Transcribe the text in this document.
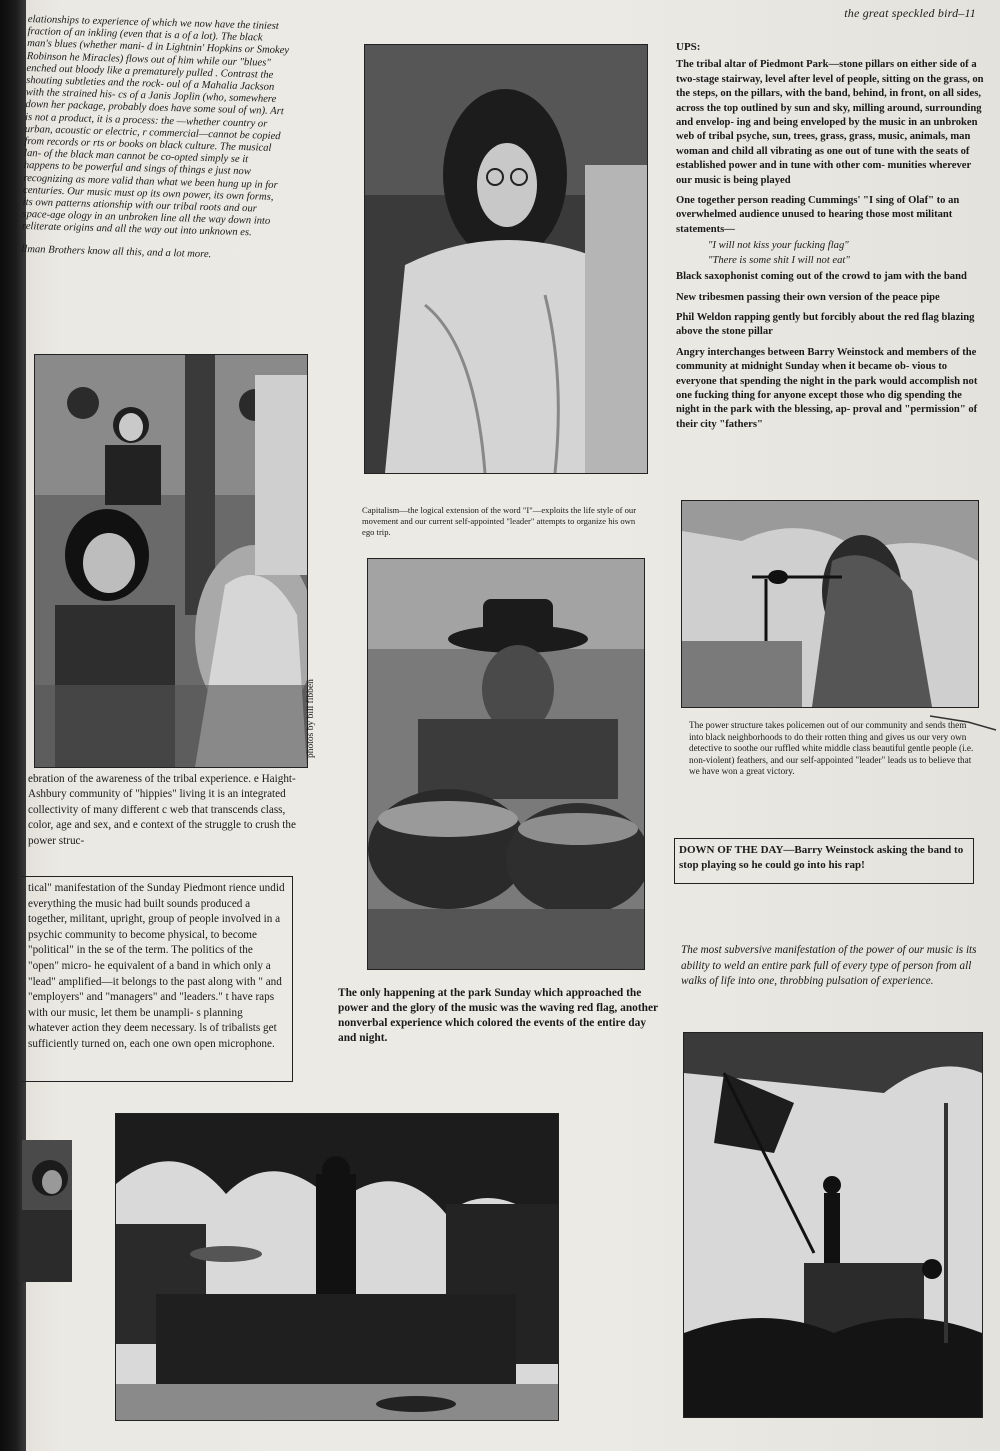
the great speckled bird–11

elationships to experience of which we now have the tiniest fraction of an inkling (even that is a of a lot). The black man's blues (whether mani- d in Lightnin' Hopkins or Smokey Robinson he Miracles) flows out of him while our "blues" enched out bloody like a prematurely pulled . Contrast the shouting subtleties and the rock- oul of a Mahalia Jackson with the strained his- cs of a Janis Joplin (who, somewhere down her package, probably does have some soul of wn). Art is not a product, it is a process: the —whether country or urban, acoustic or electric, r commercial—cannot be copied from records or rts or books on black culture. The musical lan- of the black man cannot be co-opted simply se it happens to be powerful and sings of things e just now recognizing as more valid than what we been hung up in for centuries. Our music must op its own power, its own forms, its own patterns ationship with our tribal roots and our space-age ology in an unbroken line all the way down into reliterate origins and all the way out into unknown es.

llman Brothers know all this, and a lot more.

photos by bill fibben
ebration of the awareness of the tribal experience. e Haight-Ashbury community of "hippies" living it is an integrated collectivity of many different c web that transcends class, color, age and sex, and e context of the struggle to crush the power struc-
tical" manifestation of the Sunday Piedmont rience undid everything the music had built sounds produced a together, militant, upright, group of people involved in a psychic community to become physical, to become "political" in the se of the term. The politics of the "open" micro- he equivalent of a band in which only a "lead" amplified—it belongs to the past along with " and "employers" and "managers" and "leaders." t have raps with our music, let them be unampli- s planning whatever action they deem necessary. ls of tribalists get sufficiently turned on, each one own open microphone.
Capitalism—the logical extension of the word "I"—exploits the life style of our movement and our current self-appointed "leader" attempts to organize his own ego trip.
The only happening at the park Sunday which approached the power and the glory of the music was the waving red flag, another nonverbal experience which colored the events of the entire day and night.
UPS:

The tribal altar of Piedmont Park—stone pillars on either side of a two-stage stairway, level after level of people, sitting on the grass, on the steps, on the pillars, with the band, behind, in front, on all sides, across the top outlined by sun and sky, milling around, surrounding and envelop- ing and being enveloped by the music in an unbroken web of tribal psyche, sun, trees, grass, grass, music, animals, man woman and child all vibrating as one out of tune with the seats of established power and in tune with other com- munities wherever our music is being played

One together person reading Cummings' "I sing of Olaf" to an overwhelmed audience unused to hearing those most militant statements—

"I will not kiss your fucking flag"

"There is some shit I will not eat"

Black saxophonist coming out of the crowd to jam with the band

New tribesmen passing their own version of the peace pipe

Phil Weldon rapping gently but forcibly about the red flag blazing above the stone pillar

Angry interchanges between Barry Weinstock and members of the community at midnight Sunday when it became ob- vious to everyone that spending the night in the park would accomplish not one fucking thing for anyone except those who dig spending the night in the park with the blessing, ap- proval and "permission" of their city "fathers"

The power structure takes policemen out of our community and sends them into black neighborhoods to do their rotten thing and gives us our very own detective to soothe our ruffled white middle class beautiful gentle people (i.e. non-violent) feathers, and our self-appointed "leader" leads us to believe that we have won a great victory.
DOWN OF THE DAY—Barry Weinstock asking the band to stop playing so he could go into his rap!
The most subversive manifestation of the power of our music is its ability to weld an entire park full of every type of person from all walks of life into one, throbbing pulsation of experience.
